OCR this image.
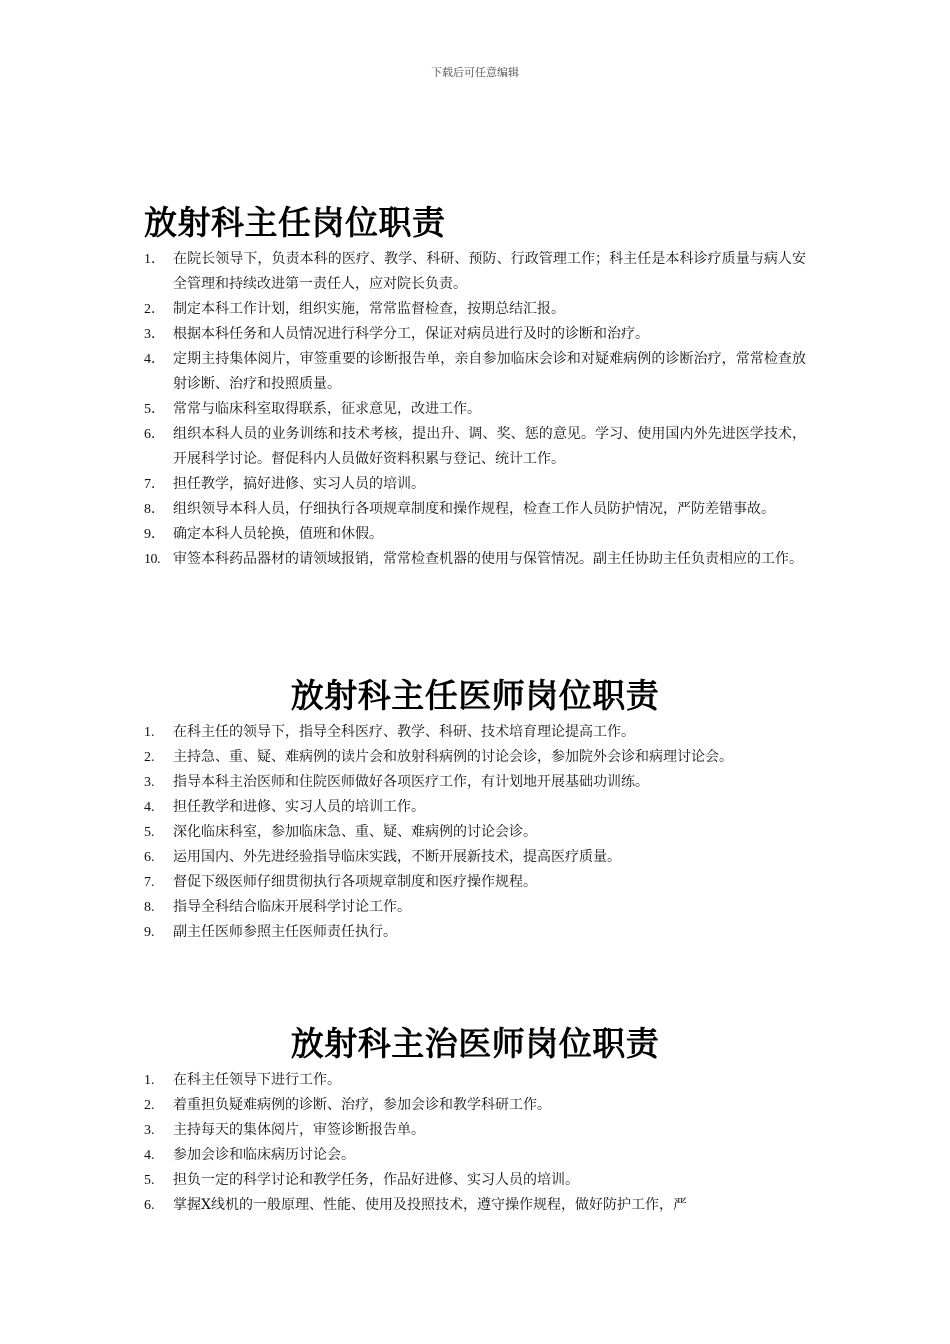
下载后可任意编辑
放射科主任岗位职责
1． 在院长领导下，负责本科的医疗、教学、科研、预防、行政管理工作；科主任是本科诊疗质量与病人安全管理和持续改进第一责任人，应对院长负责。
2． 制定本科工作计划，组织实施，常常监督检查，按期总结汇报。
3． 根据本科任务和人员情况进行科学分工，保证对病员进行及时的诊断和治疗。
4． 定期主持集体阅片，审签重要的诊断报告单，亲自参加临床会诊和对疑难病例的诊断治疗，常常检查放射诊断、治疗和投照质量。
5． 常常与临床科室取得联系，征求意见，改进工作。
6． 组织本科人员的业务训练和技术考核，提出升、调、奖、惩的意见。学习、使用国内外先进医学技术，开展科学讨论。督促科内人员做好资料积累与登记、统计工作。
7． 担任教学，搞好进修、实习人员的培训。
8． 组织领导本科人员，仔细执行各项规章制度和操作规程，检查工作人员防护情况，严防差错事故。
9． 确定本科人员轮换，值班和休假。
10. 审签本科药品器材的请领域报销，常常检查机器的使用与保管情况。副主任协助主任负责相应的工作。
放射科主任医师岗位职责
1.	在科主任的领导下，指导全科医疗、教学、科研、技术培育理论提高工作。
2.	主持急、重、疑、难病例的读片会和放射科病例的讨论会诊，参加院外会诊和病理讨论会。
3.	指导本科主治医师和住院医师做好各项医疗工作，有计划地开展基础功训练。
4.	担任教学和进修、实习人员的培训工作。
5.	深化临床科室，参加临床急、重、疑、难病例的讨论会诊。
6.	运用国内、外先进经验指导临床实践，不断开展新技术，提高医疗质量。
7.	督促下级医师仔细贯彻执行各项规章制度和医疗操作规程。
8.	指导全科结合临床开展科学讨论工作。
9.	副主任医师参照主任医师责任执行。
放射科主治医师岗位职责
1.	在科主任领导下进行工作。
2.	着重担负疑难病例的诊断、治疗，参加会诊和教学科研工作。
3.	主持每天的集体阅片，审签诊断报告单。
4.	参加会诊和临床病历讨论会。
5.	担负一定的科学讨论和教学任务，作品好进修、实习人员的培训。
6.	掌握X线机的一般原理、性能、使用及投照技术，遵守操作规程，做好防护工作，严
